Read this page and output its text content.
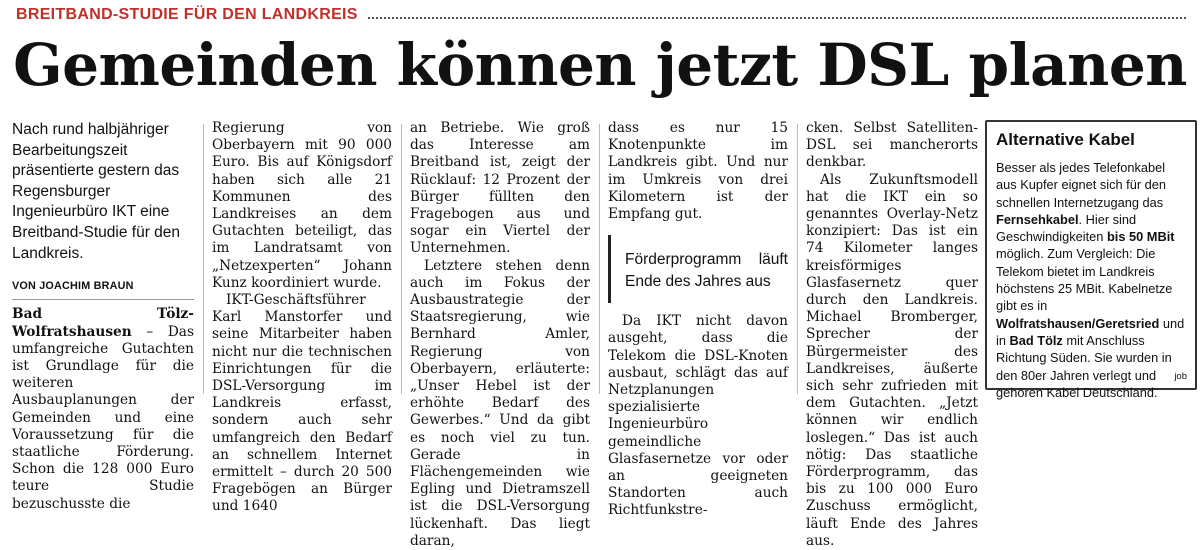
BREITBAND-STUDIE FÜR DEN LANDKREIS
Gemeinden können jetzt DSL planen
Nach rund halbjähriger Bearbeitungszeit präsentierte gestern das Regensburger Ingenieurbüro IKT eine Breitband-Studie für den Landkreis.
VON JOACHIM BRAUN

Bad Tölz-Wolfratshausen – Das umfangreiche Gutachten ist Grundlage für die weiteren Ausbauplanungen der Gemeinden und eine Voraussetzung für die staatliche Förderung. Schon die 128 000 Euro teure Studie bezuschusste die

Regierung von Oberbayern mit 90 000 Euro. Bis auf Königsdorf haben sich alle 21 Kommunen des Landkreises an dem Gutachten beteiligt, das im Landratsamt von „Netzexperten“ Johann Kunz koordiniert wurde.

IKT-Geschäftsführer Karl Manstorfer und seine Mitarbeiter haben nicht nur die technischen Einrichtungen für die DSL-Versorgung im Landkreis erfasst, sondern auch sehr umfangreich den Bedarf an schnellem Internet ermittelt – durch 20 500 Fragebögen an Bürger und 1640

an Betriebe. Wie groß das Interesse am Breitband ist, zeigt der Rücklauf: 12 Prozent der Bürger füllten den Fragebogen aus und sogar ein Viertel der Unternehmen.

Letztere stehen denn auch im Fokus der Ausbaustrategie der Staatsregierung, wie Bernhard Amler, Regierung von Oberbayern, erläuterte: „Unser Hebel ist der erhöhte Bedarf des Gewerbes.“ Und da gibt es noch viel zu tun. Gerade in Flächengemeinden wie Egling und Dietramszell ist die DSL-Versorgung lückenhaft. Das liegt daran,

dass es nur 15 Knotenpunkte im Landkreis gibt. Und nur im Umkreis von drei Kilometern ist der Empfang gut.

Förderprogramm läuft Ende des Jahres aus

Da IKT nicht davon ausgeht, dass die Telekom die DSL-Knoten ausbaut, schlägt das auf Netzplanungen spezialisierte Ingenieurbüro gemeindliche Glasfasernetze vor oder an geeigneten Standorten auch Richtfunkstre-

cken. Selbst Satelliten-DSL sei mancherorts denkbar.

Als Zukunftsmodell hat die IKT ein so genanntes Overlay-Netz konzipiert: Das ist ein 74 Kilometer langes kreisförmiges Glasfasernetz quer durch den Landkreis. Michael Bromberger, Sprecher der Bürgermeister des Landkreises, äußerte sich sehr zufrieden mit dem Gutachten. „Jetzt können wir endlich loslegen.“ Das ist auch nötig: Das staatliche Förderprogramm, das bis zu 100 000 Euro Zuschuss ermöglicht, läuft Ende des Jahres aus.

Alternative Kabel
Besser als jedes Telefonkabel aus Kupfer eignet sich für den schnellen Internetzugang das Fernsehkabel. Hier sind Geschwindigkeiten bis 50 MBit möglich. Zum Vergleich: Die Telekom bietet im Landkreis höchstens 25 MBit. Kabelnetze gibt es in Wolfratshausen/Geretsried und in Bad Tölz mit Anschluss Richtung Süden. Sie wurden in den 80er Jahren verlegt und gehören Kabel Deutschland.
job
